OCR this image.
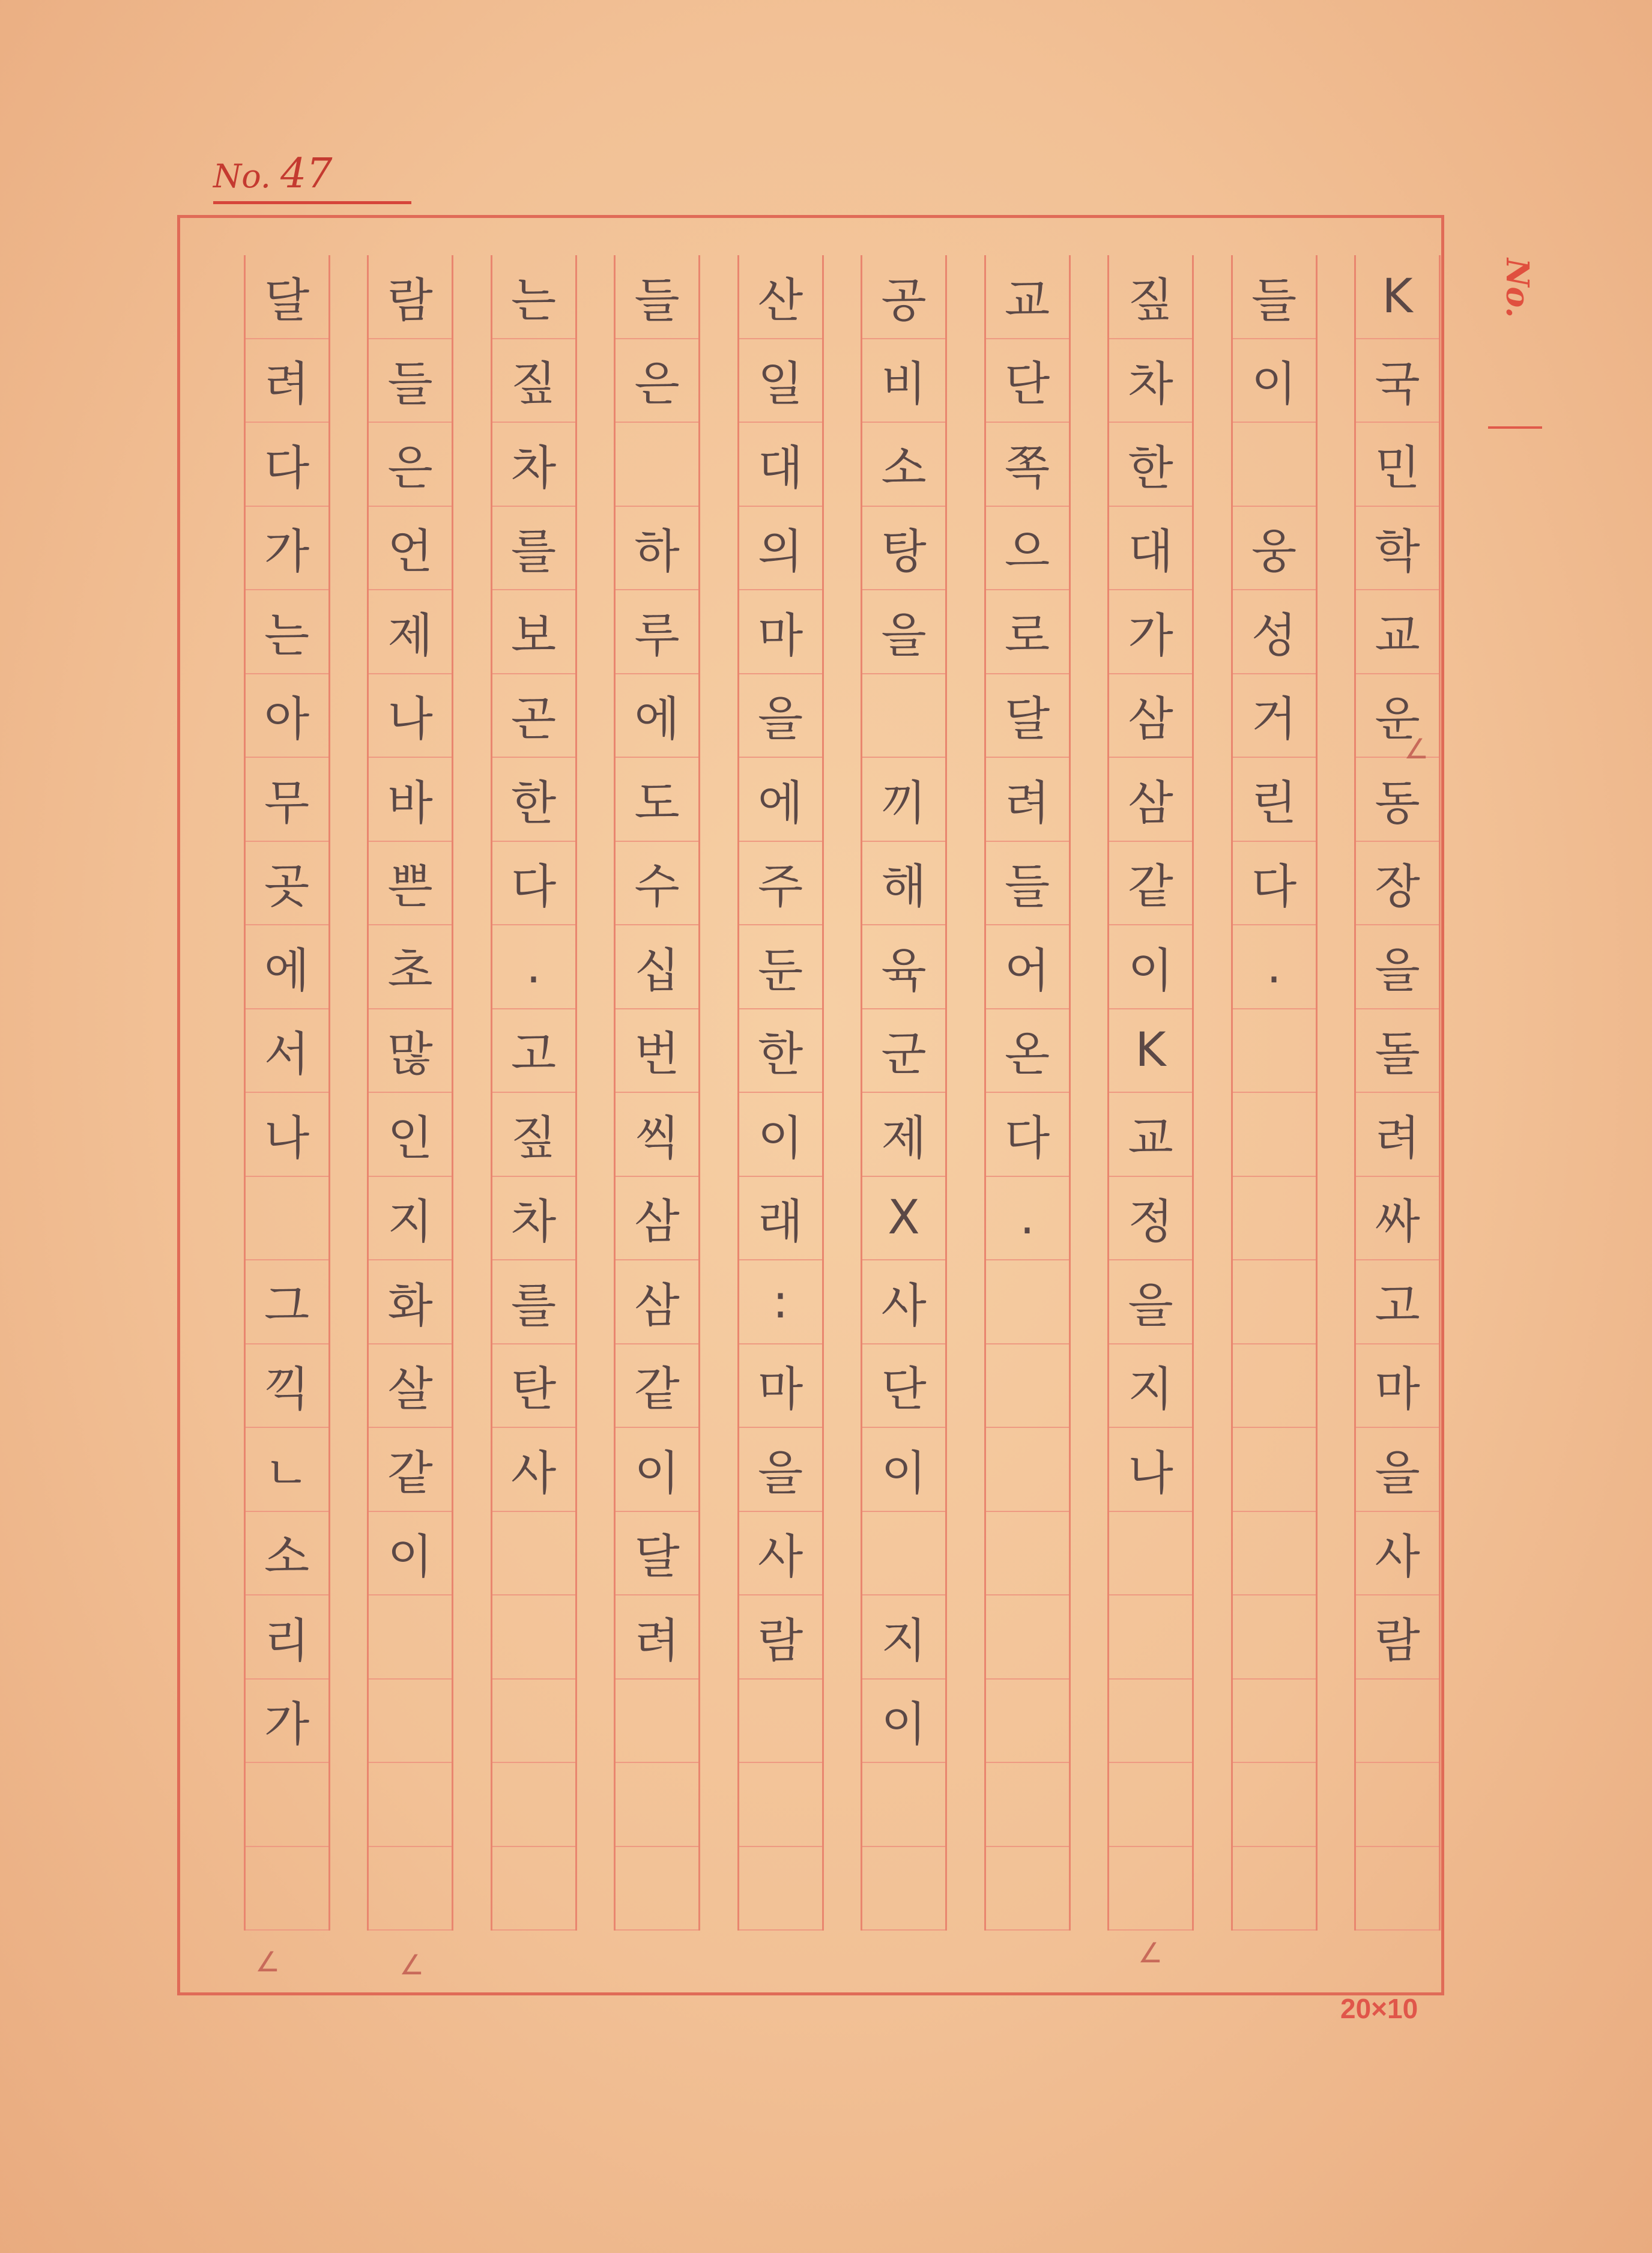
No. 47
No.
K
국
민
학
교
운
동
장
을
돌
려
싸
고
마
을
사
람
들
이
웅
성
거
린
다
.
짚
차
한
대
가
삼
삼
같
이
K
교
정
을
지
나
교
단
쪽
으
로
달
려
들
어
온
다
.
공
비
소
탕
을
끼
해
육
군
제
X
사
단
이
지
이
산
일
대
의
마
을
에
주
둔
한
이
래
:
마
을
사
람
들
은
하
루
에
도
수
십
번
씩
삼
삼
같
이
달
려
는
짚
차
를
보
곤
한
다
.
고
짚
차
를
탄
사
람
들
은
언
제
나
바
쁜
초
많
인
지
화
살
같
이
달
려
다
가
는
아
무
곳
에
서
나
그
끽
ㄴ
소
리
가
∠	∠	∠
∠
20×10
